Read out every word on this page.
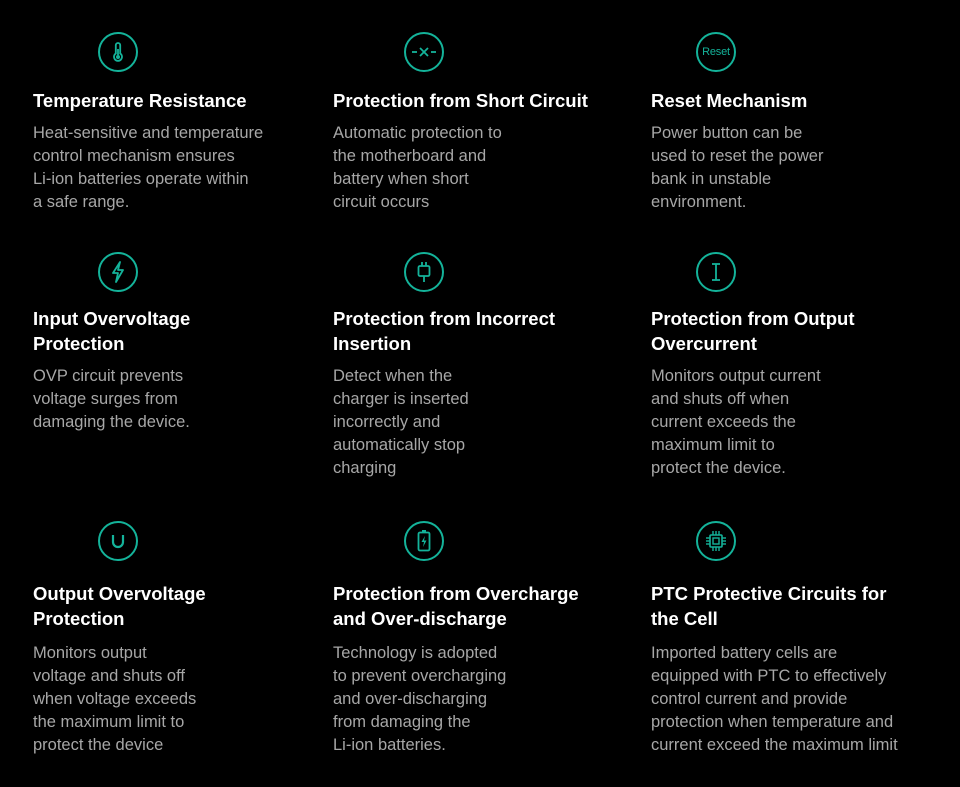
Temperature Resistance
Heat-sensitive and temperature
control mechanism ensures
Li-ion batteries operate within
a safe range.
Protection from Short Circuit
Automatic protection to
the motherboard and
battery when short
circuit occurs
Reset
Reset Mechanism
Power button can be
used to reset the power
bank in unstable
environment.
Input Overvoltage
Protection
OVP circuit prevents
voltage surges from
damaging the device.
Protection from Incorrect
Insertion
Detect when the
charger is inserted
incorrectly and
automatically stop
charging
Protection from Output
Overcurrent
Monitors output current
and shuts off when
current exceeds the
maximum limit to
protect the device.
Output Overvoltage
Protection
Monitors output
voltage and shuts off
when voltage exceeds
the maximum limit to
protect the device
Protection from Overcharge
and Over-discharge
Technology is adopted
to prevent overcharging
and over-discharging
from damaging the
Li-ion batteries.
PTC Protective Circuits for
the Cell
Imported battery cells are
equipped with PTC to effectively
control current and provide
protection when temperature and
current exceed the maximum limit
